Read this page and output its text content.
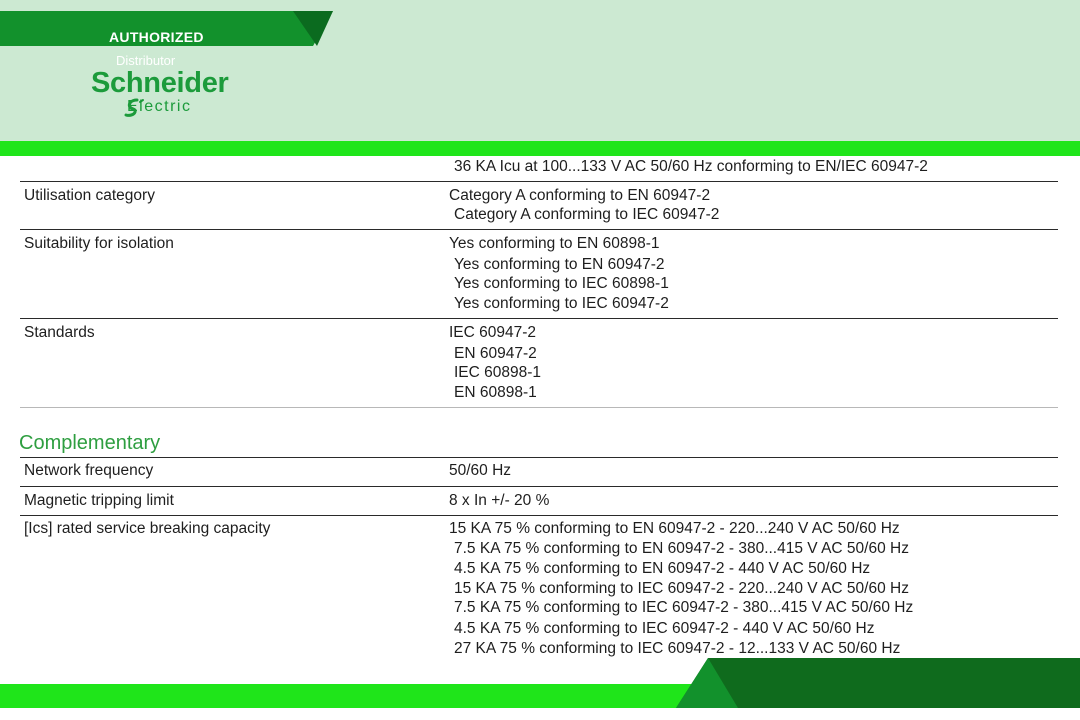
AUTHORIZED
Distributor
Schneider
Electric
36 KA Icu at 100...133 V AC 50/60 Hz conforming to EN/IEC 60947-2
Utilisation category	Category A conforming to EN 60947-2
Category A conforming to IEC 60947-2
Suitability for isolation	Yes conforming to EN 60898-1
Yes conforming to EN 60947-2
Yes conforming to IEC 60898-1
Yes conforming to IEC 60947-2
Standards	IEC 60947-2
EN 60947-2
IEC 60898-1
EN 60898-1
Complementary
Network frequency	50/60 Hz
Magnetic tripping limit	8 x In +/- 20 %
[Ics] rated service breaking capacity	15 KA 75 % conforming to EN 60947-2 - 220...240 V AC 50/60 Hz
7.5 KA 75 % conforming to EN 60947-2 - 380...415 V AC 50/60 Hz
4.5 KA 75 % conforming to EN 60947-2 - 440 V AC 50/60 Hz
15 KA 75 % conforming to IEC 60947-2 - 220...240 V AC 50/60 Hz
7.5 KA 75 % conforming to IEC 60947-2 - 380...415 V AC 50/60 Hz
4.5 KA 75 % conforming to IEC 60947-2 - 440 V AC 50/60 Hz
27 KA 75 % conforming to IEC 60947-2 - 12...133 V AC 50/60 Hz
